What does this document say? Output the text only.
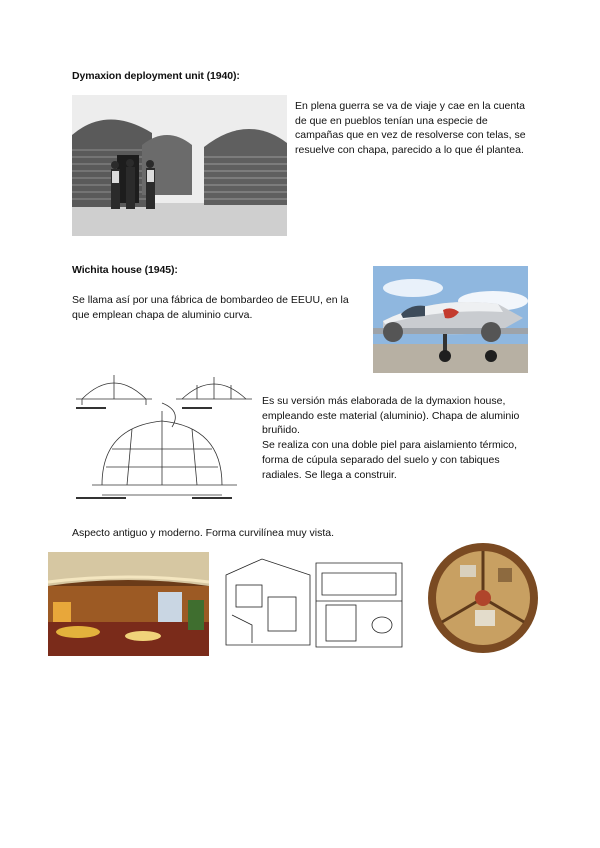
Dymaxion deployment unit (1940):

En plena guerra se va de viaje y cae en la cuenta de que en pueblos tenían una especie de campañas que en vez de resolverse con telas, se resuelve con chapa, parecido a lo que él plantea.

Wichita house (1945):

Se llama así por una fábrica de bombardeo de EEUU, en la que emplean chapa de aluminio curva.

Es su versión más elaborada de la dymaxion house, empleando este material (aluminio). Chapa de aluminio bruñido.

Se realiza con una doble piel para aislamiento térmico, forma de cúpula separado del suelo y con tabiques radiales. Se llega a construir.

Aspecto antiguo y moderno. Forma curvilínea muy vista.
